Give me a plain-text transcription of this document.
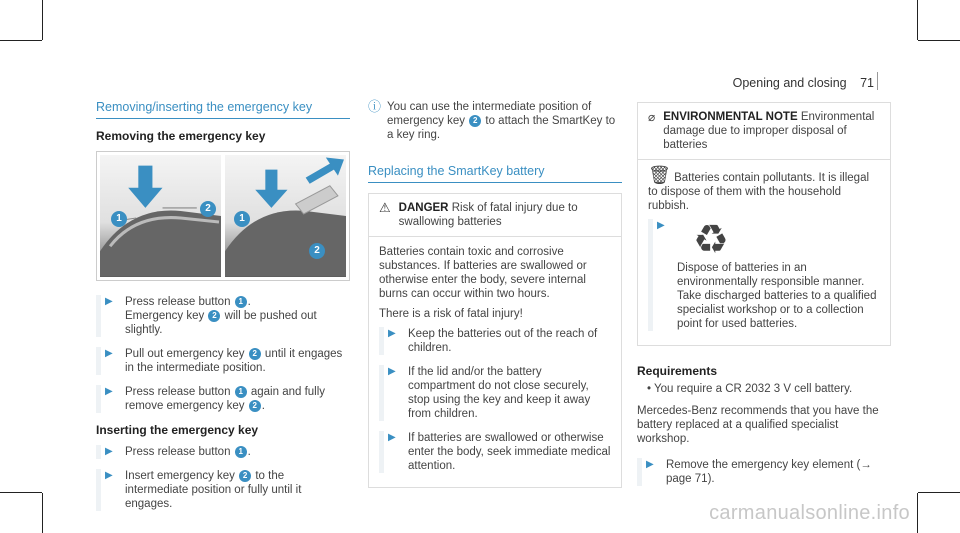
Opening and closing 71
Removing/inserting the emergency key
Removing the emergency key
1
2
1
2
▶ Press release button 1 .
Emergency key 2 will be pushed out slightly.

▶ Pull out emergency key 2 until it engages in the intermediate position.

▶ Press release button 1 again and fully remove emergency key 2 .

Inserting the emergency key
▶ Press release button 1 .

▶ Insert emergency key 2 to the intermediate position or fully until it engages.

ⓘ You can use the intermediate position of emergency key 2 to attach the SmartKey to a key ring.

Replacing the SmartKey battery
⚠ DANGER Risk of fatal injury due to swallowing batteries

Batteries contain toxic and corrosive substances. If batteries are swallowed or otherwise enter the body, severe internal burns can occur within two hours.

There is a risk of fatal injury!

▶ Keep the batteries out of the reach of children.

▶ If the lid and/or the battery compartment do not close securely, stop using the key and keep it away from children.

▶ If batteries are swallowed or otherwise enter the body, seek immediate medical attention.

⌀ ENVIRONMENTAL NOTE Environmental damage due to improper disposal of batteries

🗑 Batteries contain pollutants. It is illegal to dispose of them with the household rubbish.

▶ ♻

Dispose of batteries in an environmentally responsible manner. Take discharged batteries to a qualified specialist workshop or to a collection point for used batteries.

Requirements
• You require a CR 2032 3 V cell battery.

Mercedes-Benz recommends that you have the battery replaced at a qualified specialist workshop.

▶ Remove the emergency key element (→ page 71).

carmanualsonline.info
